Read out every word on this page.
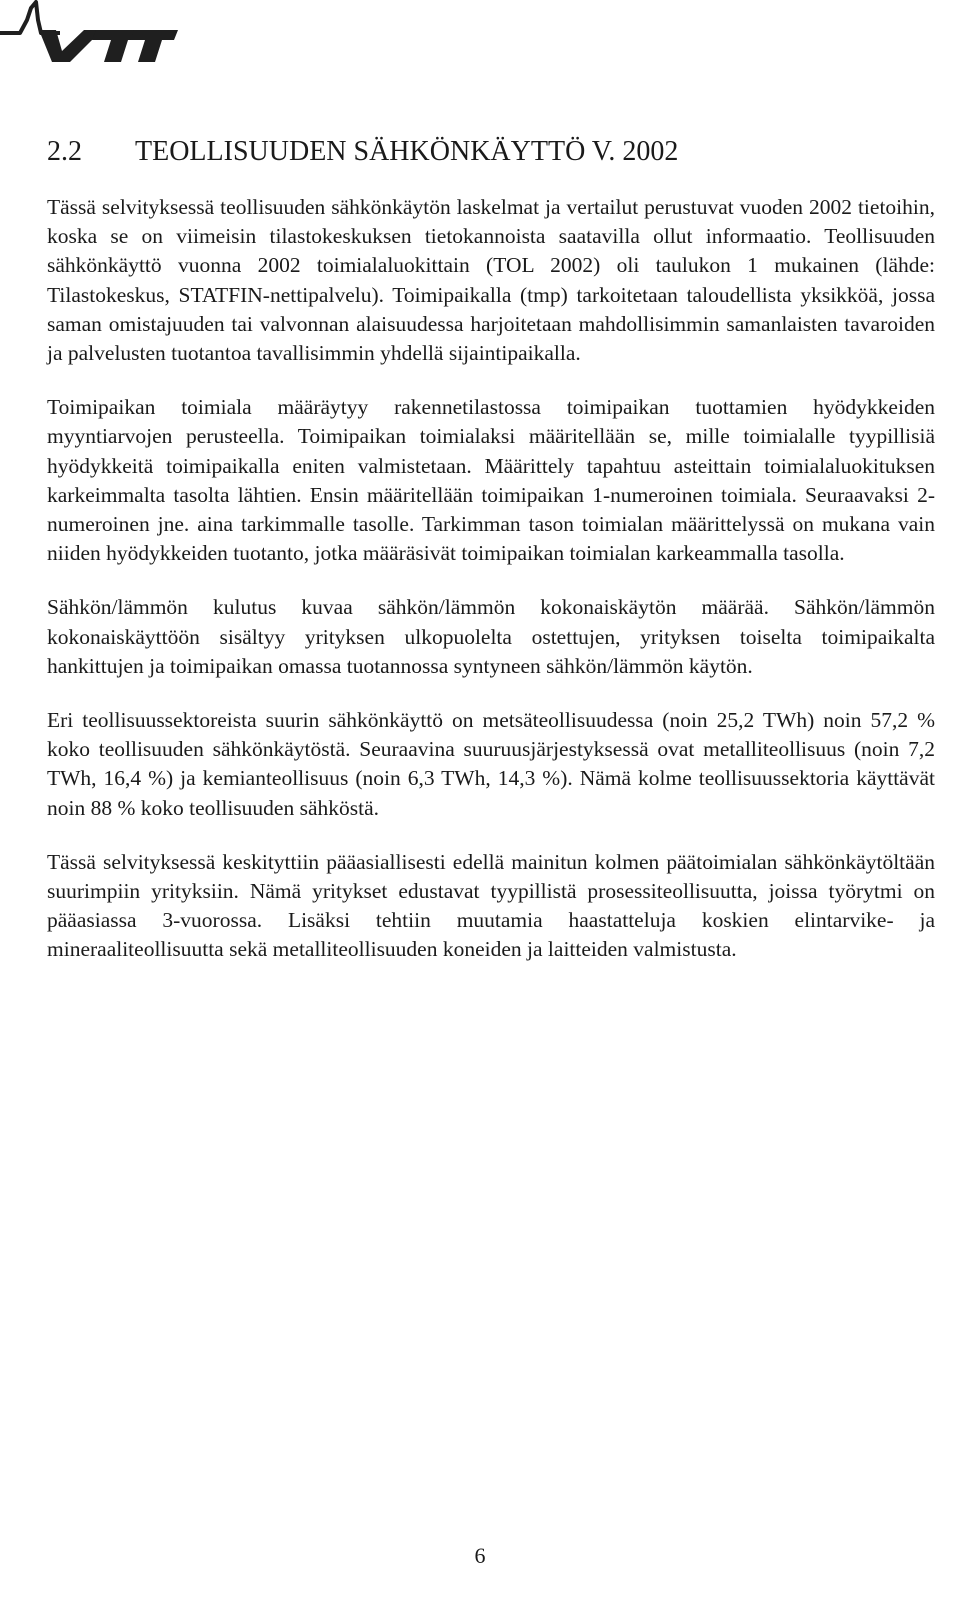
2.2	TEOLLISUUDEN SÄHKÖNKÄYTTÖ V. 2002

Tässä selvityksessä teollisuuden sähkönkäytön laskelmat ja vertailut perustuvat vuoden 2002 tietoihin, koska se on viimeisin tilastokeskuksen tietokannoista saatavilla ollut informaatio. Teollisuuden sähkönkäyttö vuonna 2002 toimialaluokittain (TOL 2002) oli taulukon 1 mukainen (lähde: Tilastokeskus, STATFIN-nettipalvelu). Toimipaikalla (tmp) tarkoitetaan taloudellista yksikköä, jossa saman omistajuuden tai valvonnan alaisuudessa harjoitetaan mahdollisimmin samanlaisten tavaroiden ja palvelusten tuotantoa tavallisimmin yhdellä sijaintipaikalla.

Toimipaikan toimiala määräytyy rakennetilastossa toimipaikan tuottamien hyödykkeiden myyntiarvojen perusteella. Toimipaikan toimialaksi määritellään se, mille toimialalle tyypillisiä hyödykkeitä toimipaikalla eniten valmistetaan. Määrittely tapahtuu asteittain toimialaluokituksen karkeimmalta tasolta lähtien. Ensin määritellään toimipaikan 1-numeroinen toimiala. Seuraavaksi 2-numeroinen jne. aina tarkimmalle tasolle. Tarkimman tason toimialan määrittelyssä on mukana vain niiden hyödykkeiden tuotanto, jotka määräsivät toimipaikan toimialan karkeammalla tasolla.

Sähkön/lämmön kulutus kuvaa sähkön/lämmön kokonaiskäytön määrää. Sähkön/lämmön kokonaiskäyttöön sisältyy yrityksen ulkopuolelta ostettujen, yrityksen toiselta toimipaikalta hankittujen ja toimipaikan omassa tuotannossa syntyneen sähkön/lämmön käytön.

Eri teollisuussektoreista suurin sähkönkäyttö on metsäteollisuudessa (noin 25,2 TWh) noin 57,2 % koko teollisuuden sähkönkäytöstä. Seuraavina suuruusjärjestyksessä ovat metalliteollisuus (noin 7,2 TWh, 16,4 %) ja kemianteollisuus (noin 6,3 TWh, 14,3 %). Nämä kolme teollisuussektoria käyttävät noin 88 % koko teollisuuden sähköstä.

Tässä selvityksessä keskityttiin pääasiallisesti edellä mainitun kolmen päätoimialan sähkönkäytöltään suurimpiin yrityksiin. Nämä yritykset edustavat tyypillistä prosessiteollisuutta, joissa työrytmi on pääasiassa 3-vuorossa. Lisäksi tehtiin muutamia haastatteluja koskien elintarvike- ja mineraaliteollisuutta sekä metalliteollisuuden koneiden ja laitteiden valmistusta.

6
